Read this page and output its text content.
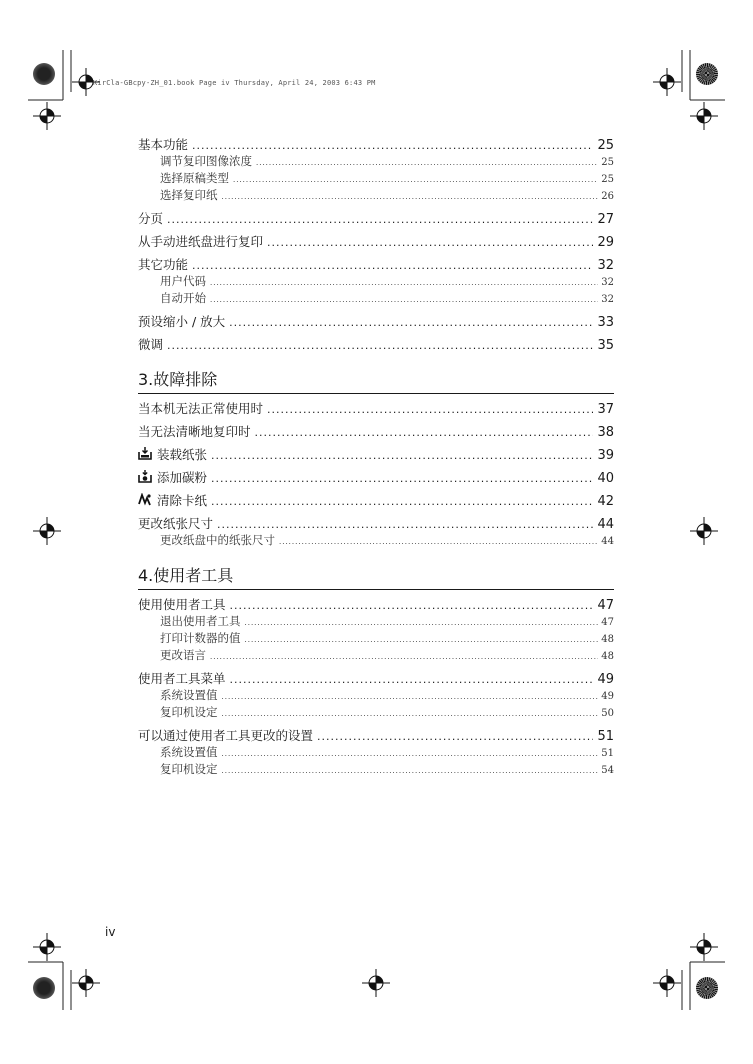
KirCla-GBcpy-ZH_01.book Page iv Thursday, April 24, 2003 6:43 PM
基本功能 .....	25
调节复印图像浓度 .....	25
选择原稿类型 .....	25
选择复印纸 .....	26
分页 .....	27
从手动进纸盘进行复印 .....	29
其它功能 .....	32
用户代码 .....	32
自动开始 .....	32
预设缩小 / 放大 .....	33
微调 .....	35
3.故障排除
当本机无法正常使用时 .....	37
当无法清晰地复印时 .....	38
装载纸张 .....	39
添加碳粉 .....	40
清除卡纸 .....	42
更改纸张尺寸 .....	44
更改纸盘中的纸张尺寸 .....	44
4.使用者工具
使用使用者工具 .....	47
退出使用者工具 .....	47
打印计数器的值 .....	48
更改语言 .....	48
使用者工具菜单 .....	49
系统设置值 .....	49
复印机设定 .....	50
可以通过使用者工具更改的设置 .....	51
系统设置值 .....	51
复印机设定 .....	54
iv
